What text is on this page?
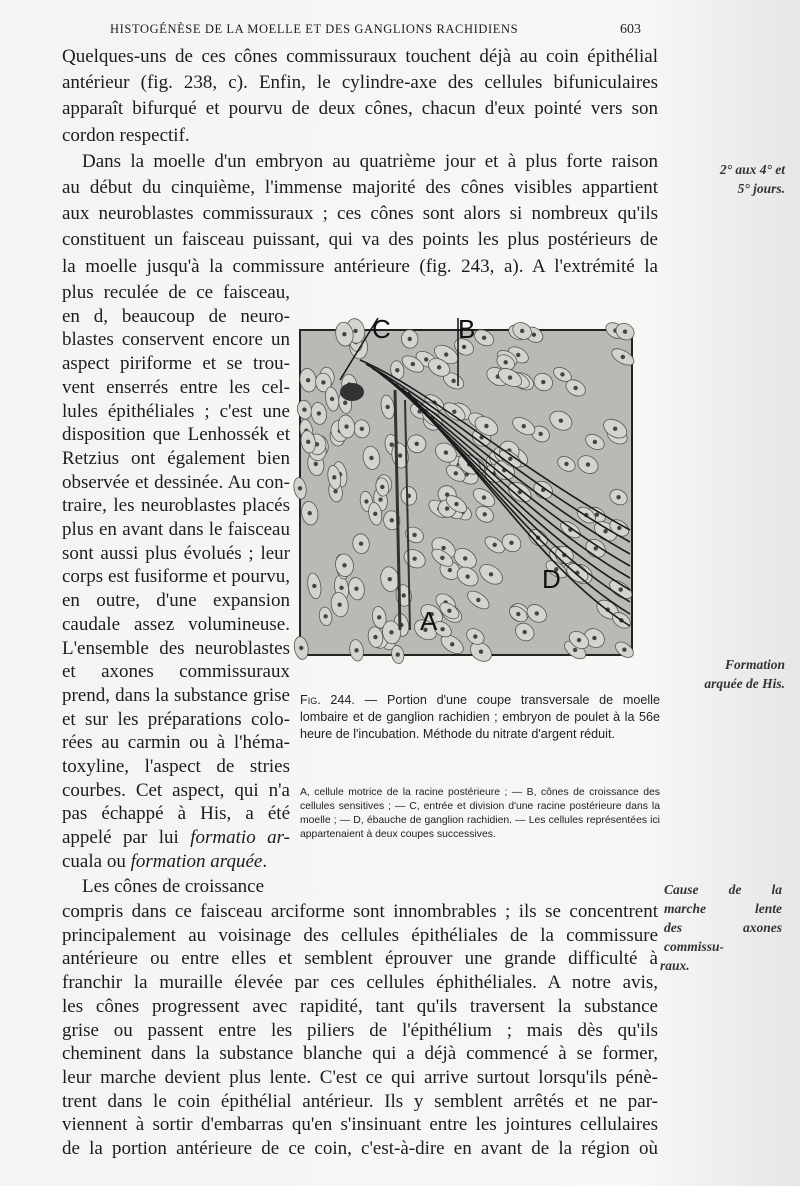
HISTOGÉNÈSE DE LA MOELLE ET DES GANGLIONS RACHIDIENS	603
Quelques-uns de ces cônes commissuraux touchent déjà au coin épithélial
antérieur (fig. 238, c). Enfin, le cylindre-axe des cellules bifuniculaires
apparaît bifurqué et pourvu de deux cônes, chacun d'eux pointé vers son
cordon respectif.
Dans la moelle d'un embryon au quatrième jour et à plus forte raison
au début du cinquième, l'immense majorité des cônes visibles appartient
aux neuroblastes commissuraux ; ces cônes sont alors si nombreux qu'ils
constituent un faisceau puissant, qui va des points les plus postérieurs de
la moelle jusqu'à la commissure antérieure (fig. 243, a). A l'extrémité la
plus reculée de ce faisceau,
en d, beaucoup de neuro-
blastes conservent encore un
aspect piriforme et se trou-
vent enserrés entre les cel-
lules épithéliales ; c'est une
disposition que Lenhossék et
Retzius ont également bien
observée et dessinée. Au con-
traire, les neuroblastes placés
plus en avant dans le faisceau
sont aussi plus évolués ; leur
corps est fusiforme et pourvu,
en outre, d'une expansion
caudale assez volumineuse.
L'ensemble des neuroblastes
et axones commissuraux
prend, dans la substance grise
et sur les préparations colo-
rées au carmin ou à l'héma-
toxyline, l'aspect de stries
courbes. Cet aspect, qui n'a
pas échappé à His, a été
appelé par lui formatio ar-
cuala ou formation arquée.
Les cônes de croissance
compris dans ce faisceau arciforme sont innombrables ; ils se concentrent
principalement au voisinage des cellules épithéliales de la commissure
antérieure ou entre elles et semblent éprouver une grande difficulté à
franchir la muraille élevée par ces cellules éphithéliales. A notre avis,
les cônes progressent avec rapidité, tant qu'ils traversent la substance
grise ou passent entre les piliers de l'épithélium ; mais dès qu'ils
cheminent dans la substance blanche qui a déjà commencé à se former,
leur marche devient plus lente. C'est ce qui arrive surtout lorsqu'ils pénè-
trent dans le coin épithélial antérieur. Ils y semblent arrêtés et ne par-
viennent à sortir d'embarras qu'en s'insinuant entre les jointures cellulaires
de la portion antérieure de ce coin, c'est-à-dire en avant de la région où
2° aux 4° et
5° jours.
Formation
arquée de His.
Cause de la
marche lente
des axones
commissu-
raux.
C	B
A
D

Fig. 244. — Portion d'une coupe transversale de moelle lombaire et de ganglion rachidien ; embryon de poulet à la 56e heure de l'incubation. Méthode du nitrate d'argent réduit.

A, cellule motrice de la racine postérieure ; — B, cônes de croissance des cellules sensitives ; — C, entrée et division d'une racine postérieure dans la moelle ; — D, ébauche de ganglion rachidien. — Les cellules représentées ici appartenaient à deux coupes successives.
